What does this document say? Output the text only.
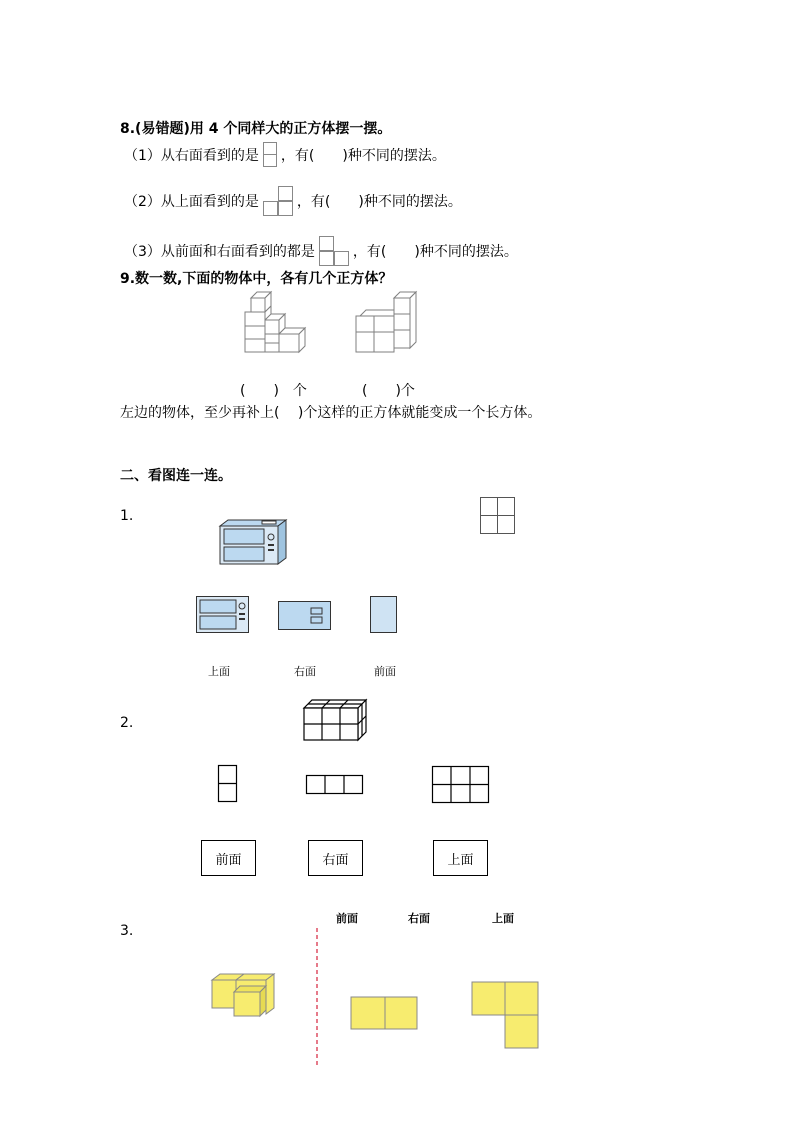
8.(易错题)用 4 个同样大的正方体摆一摆。
（1）从右面看到的是 ，有(　　)种不同的摆法。
（2）从上面看到的是	，有(　　)种不同的摆法。
（3）从前面和右面看到的都是	，有(　　)种不同的摆法。
9.数一数,下面的物体中，各有几个正方体？
(　　)　个	(　　)个
左边的物体，至少再补上(　 )个这样的正方体就能变成一个长方体。
二、看图连一连。
1.
上面	右面	前面
2.
前面	右面	上面
前面	右面	上面
3.
